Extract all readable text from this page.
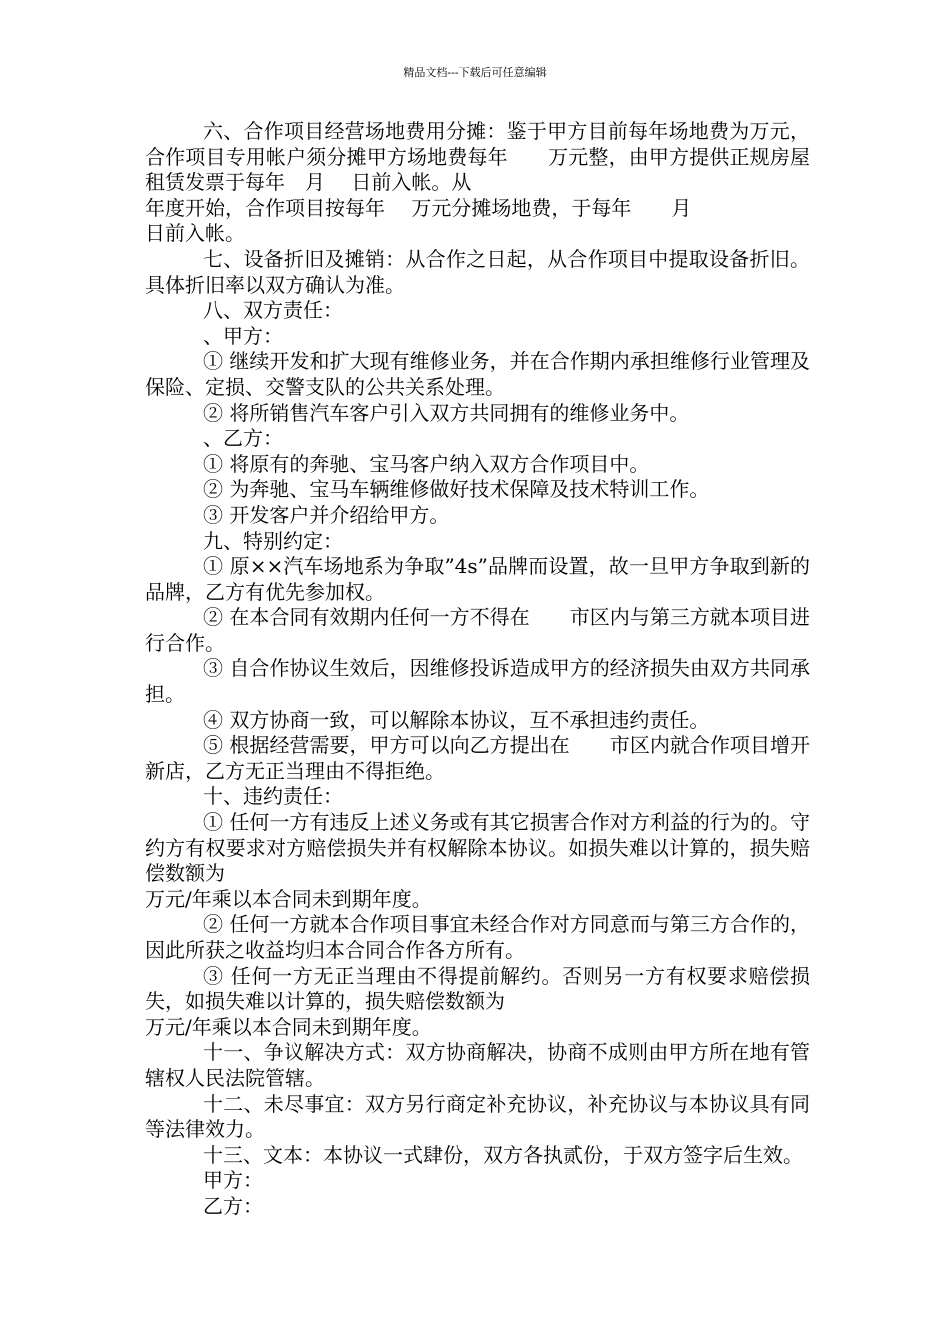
精品文档---下载后可任意编辑

六、合作项目经营场地费用分摊：鉴于甲方目前每年场地费为万元，合作项目专用帐户须分摊甲方场地费每年　　万元整，由甲方提供正规房屋租赁发票于每年　月　 日前入帐。从

年度开始，合作项目按每年　 万元分摊场地费，于每年　　月

日前入帐。

七、设备折旧及摊销：从合作之日起，从合作项目中提取设备折旧。具体折旧率以双方确认为准。

八、双方责任：

、甲方：

① 继续开发和扩大现有维修业务，并在合作期内承担维修行业管理及保险、定损、交警支队的公共关系处理。

② 将所销售汽车客户引入双方共同拥有的维修业务中。

、乙方：

① 将原有的奔驰、宝马客户纳入双方合作项目中。

② 为奔驰、宝马车辆维修做好技术保障及技术特训工作。

③ 开发客户并介绍给甲方。

九、特别约定：

① 原××汽车场地系为争取”4s”品牌而设置，故一旦甲方争取到新的品牌，乙方有优先参加权。

② 在本合同有效期内任何一方不得在　　市区内与第三方就本项目进行合作。

③ 自合作协议生效后，因维修投诉造成甲方的经济损失由双方共同承担。

④ 双方协商一致，可以解除本协议，互不承担违约责任。

⑤ 根据经营需要，甲方可以向乙方提出在　　市区内就合作项目增开新店，乙方无正当理由不得拒绝。

十、违约责任：

① 任何一方有违反上述义务或有其它损害合作对方利益的行为的。守约方有权要求对方赔偿损失并有权解除本协议。如损失难以计算的，损失赔偿数额为

万元/年乘以本合同未到期年度。

② 任何一方就本合作项目事宜未经合作对方同意而与第三方合作的，因此所获之收益均归本合同合作各方所有。

③ 任何一方无正当理由不得提前解约。否则另一方有权要求赔偿损失，如损失难以计算的，损失赔偿数额为

万元/年乘以本合同未到期年度。

十一、争议解决方式：双方协商解决，协商不成则由甲方所在地有管辖权人民法院管辖。

十二、未尽事宜：双方另行商定补充协议，补充协议与本协议具有同等法律效力。

十三、文本：本协议一式肆份，双方各执贰份，于双方签字后生效。

甲方：

乙方：
